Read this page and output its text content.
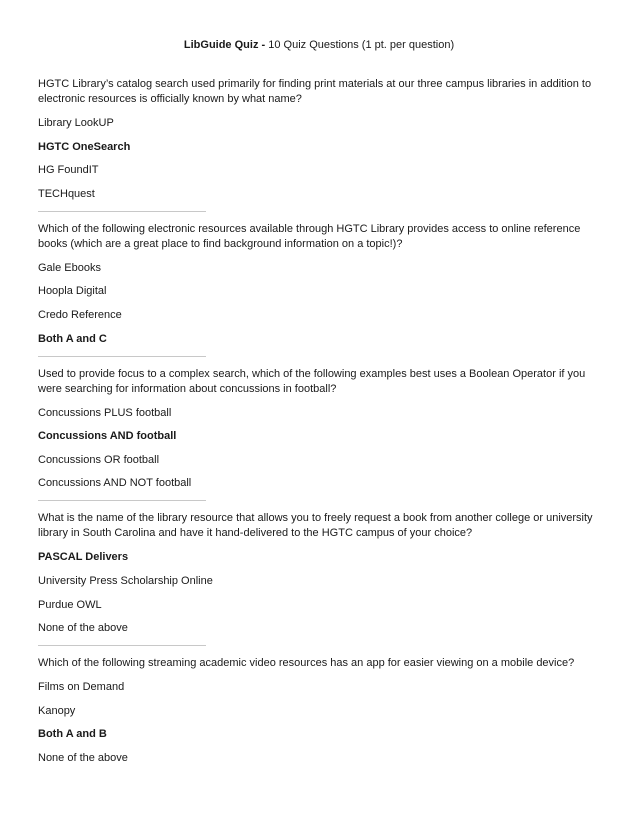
LibGuide Quiz - 10 Quiz Questions (1 pt. per question)

HGTC Library’s catalog search used primarily for finding print materials at our three campus libraries in addition to electronic resources is officially known by what name?

Library LookUP

HGTC OneSearch

HG FoundIT

TECHquest

Which of the following electronic resources available through HGTC Library provides access to online reference books (which are a great place to find background information on a topic!)?

Gale Ebooks

Hoopla Digital

Credo Reference

Both A and C

Used to provide focus to a complex search, which of the following examples best uses a Boolean Operator if you were searching for information about concussions in football?

Concussions PLUS football

Concussions AND football

Concussions OR football

Concussions AND NOT football

What is the name of the library resource that allows you to freely request a book from another college or university library in South Carolina and have it hand-delivered to the HGTC campus of your choice?

PASCAL Delivers

University Press Scholarship Online

Purdue OWL

None of the above

Which of the following streaming academic video resources has an app for easier viewing on a mobile device?

Films on Demand

Kanopy

Both A and B

None of the above
